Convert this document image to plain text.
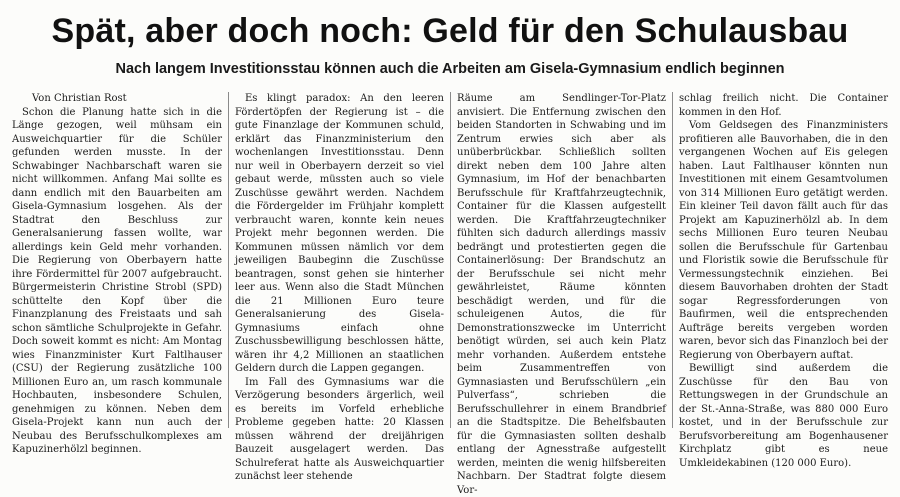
Spät, aber doch noch: Geld für den Schulausbau
Nach langem Investitionsstau können auch die Arbeiten am Gisela-Gymnasium endlich beginnen

Von Christian Rost

Schon die Planung hatte sich in die Länge gezogen, weil mühsam ein Ausweichquartier für die Schüler gefunden werden musste. In der Schwabinger Nachbarschaft waren sie nicht willkommen. Anfang Mai sollte es dann endlich mit den Bauarbeiten am Gisela-Gymnasium losgehen. Als der Stadtrat den Beschluss zur Generalsanierung fassen wollte, war allerdings kein Geld mehr vorhanden. Die Regierung von Oberbayern hatte ihre Fördermittel für 2007 aufgebraucht. Bürgermeisterin Christine Strobl (SPD) schüttelte den Kopf über die Finanzplanung des Freistaats und sah schon sämtliche Schulprojekte in Gefahr. Doch soweit kommt es nicht: Am Montag wies Finanzminister Kurt Faltlhauser (CSU) der Regierung zusätzliche 100 Millionen Euro an, um rasch kommunale Hochbauten, insbesondere Schulen, genehmigen zu können. Neben dem Gisela-Projekt kann nun auch der Neubau des Berufsschulkomplexes am Kapuzinerhölzl beginnen.

Es klingt paradox: An den leeren Fördertöpfen der Regierung ist – die gute Finanzlage der Kommunen schuld, erklärt das Finanzministerium den wochenlangen Investitionsstau. Denn nur weil in Oberbayern derzeit so viel gebaut werde, müssten auch so viele Zuschüsse gewährt werden. Nachdem die Fördergelder im Frühjahr komplett verbraucht waren, konnte kein neues Projekt mehr begonnen werden. Die Kommunen müssen nämlich vor dem jeweiligen Baubeginn die Zuschüsse beantragen, sonst gehen sie hinterher leer aus. Wenn also die Stadt München die 21 Millionen Euro teure Generalsanierung des Gisela-Gymnasiums einfach ohne Zuschussbewilligung beschlossen hätte, wären ihr 4,2 Millionen an staatlichen Geldern durch die Lappen gegangen.

Im Fall des Gymnasiums war die Verzögerung besonders ärgerlich, weil es bereits im Vorfeld erhebliche Probleme gegeben hatte: 20 Klassen müssen während der dreijährigen Bauzeit ausgelagert werden. Das Schulreferat hatte als Ausweichquartier zunächst leer stehende

Räume am Sendlinger-Tor-Platz anvisiert. Die Entfernung zwischen den beiden Standorten in Schwabing und im Zentrum erwies sich aber als unüberbrückbar. Schließlich sollten direkt neben dem 100 Jahre alten Gymnasium, im Hof der benachbarten Berufsschule für Kraftfahrzeugtechnik, Container für die Klassen aufgestellt werden. Die Kraftfahrzeugtechniker fühlten sich dadurch allerdings massiv bedrängt und protestierten gegen die Containerlösung: Der Brandschutz an der Berufsschule sei nicht mehr gewährleistet, Räume könnten beschädigt werden, und für die schuleigenen Autos, die für Demonstrationszwecke im Unterricht benötigt würden, sei auch kein Platz mehr vorhanden. Außerdem entstehe beim Zusammentreffen von Gymnasiasten und Berufsschülern „ein Pulverfass“, schrieben die Berufsschullehrer in einem Brandbrief an die Stadtspitze. Die Behelfsbauten für die Gymnasiasten sollten deshalb entlang der Agnesstraße aufgestellt werden, meinten die wenig hilfsbereiten Nachbarn. Der Stadtrat folgte diesem Vor-

schlag freilich nicht. Die Container kommen in den Hof.

Vom Geldsegen des Finanzministers profitieren alle Bauvorhaben, die in den vergangenen Wochen auf Eis gelegen haben. Laut Faltlhauser könnten nun Investitionen mit einem Gesamtvolumen von 314 Millionen Euro getätigt werden. Ein kleiner Teil davon fällt auch für das Projekt am Kapuzinerhölzl ab. In dem sechs Millionen Euro teuren Neubau sollen die Berufsschule für Gartenbau und Floristik sowie die Berufsschule für Vermessungstechnik einziehen. Bei diesem Bauvorhaben drohten der Stadt sogar Regressforderungen von Baufirmen, weil die entsprechenden Aufträge bereits vergeben worden waren, bevor sich das Finanzloch bei der Regierung von Oberbayern auftat.

Bewilligt sind außerdem die Zuschüsse für den Bau von Rettungswegen in der Grundschule an der St.-Anna-Straße, was 880 000 Euro kostet, und in der Berufsschule zur Berufsvorbereitung am Bogenhausener Kirchplatz gibt es neue Umkleidekabinen (120 000 Euro).
